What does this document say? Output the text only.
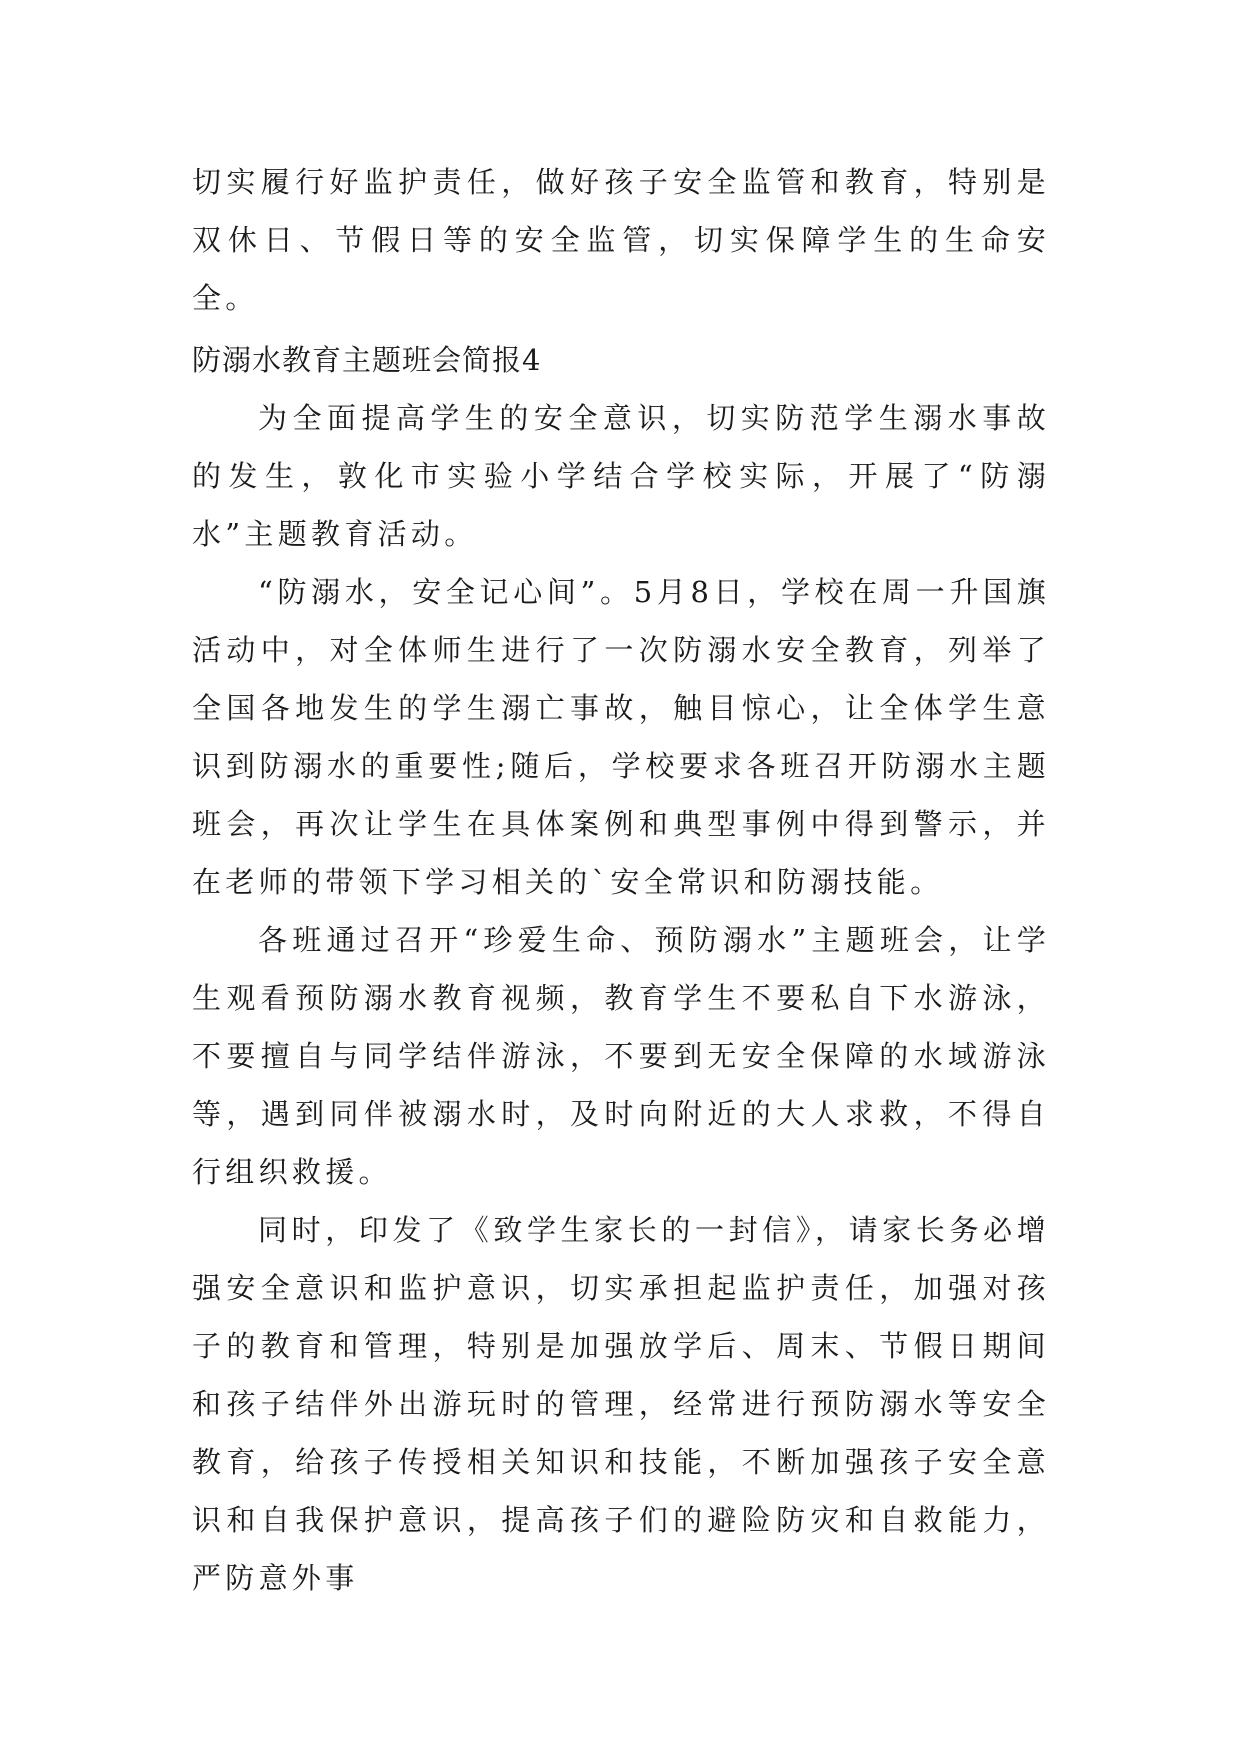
切实履行好监护责任，做好孩子安全监管和教育，特别是双休日、节假日等的安全监管，切实保障学生的生命安全。

防溺水教育主题班会简报4

为全面提高学生的安全意识，切实防范学生溺水事故的发生，敦化市实验小学结合学校实际，开展了“防溺水”主题教育活动。

“防溺水，安全记心间”。5月8日，学校在周一升国旗活动中，对全体师生进行了一次防溺水安全教育，列举了全国各地发生的学生溺亡事故，触目惊心，让全体学生意识到防溺水的重要性;随后，学校要求各班召开防溺水主题班会，再次让学生在具体案例和典型事例中得到警示，并在老师的带领下学习相关的`安全常识和防溺技能。

各班通过召开“珍爱生命、预防溺水”主题班会，让学生观看预防溺水教育视频，教育学生不要私自下水游泳，不要擅自与同学结伴游泳，不要到无安全保障的水域游泳等，遇到同伴被溺水时，及时向附近的大人求救，不得自行组织救援。

同时，印发了《致学生家长的一封信》，请家长务必增强安全意识和监护意识，切实承担起监护责任，加强对孩子的教育和管理，特别是加强放学后、周末、节假日期间和孩子结伴外出游玩时的管理，经常进行预防溺水等安全教育，给孩子传授相关知识和技能，不断加强孩子安全意识和自我保护意识，提高孩子们的避险防灾和自救能力，严防意外事
